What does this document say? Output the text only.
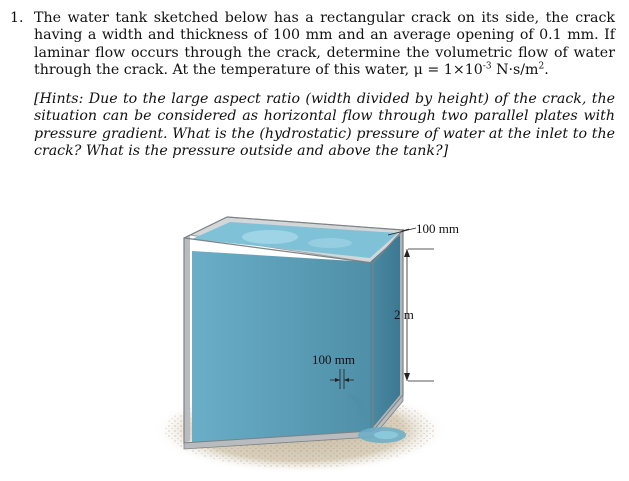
1. The water tank sketched below has a rectangular crack on its side, the crack having a width and thickness of 100 mm and an average opening of 0.1 mm. If laminar flow occurs through the crack, determine the volumetric flow of water through the crack. At the temperature of this water, $\mu = 1\times 10^{-3}$ $N\cdot s/m^2$.
[Hints: Due to the large aspect ratio (width divided by height) of the crack, the situation can be considered as horizontal flow through two parallel plates with pressure gradient. What is the (hydrostatic) pressure of water at the inlet to the crack? What is the pressure outside and above the tank?]
100 mm
2 m
100 mm
